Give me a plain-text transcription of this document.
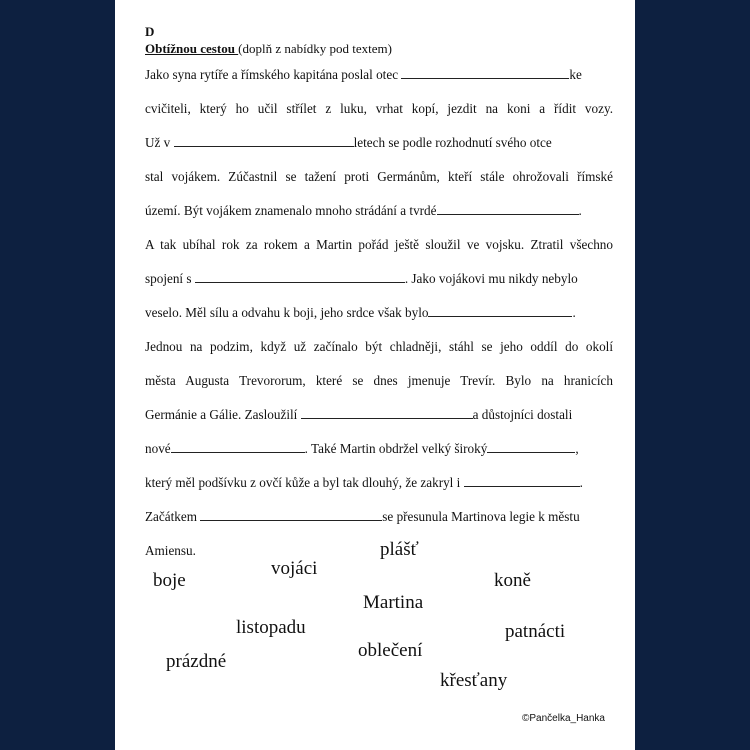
D
Obtížnou cestou (doplň z nabídky pod textem)
Jako syna rytíře a římského kapitána poslal otec	ke
cvičiteli, který ho učil střílet z luku, vrhat kopí, jezdit na koni a řídit vozy.
Už v	letech se podle rozhodnutí svého otce
stal vojákem. Zúčastnil se tažení proti Germánům, kteří stále ohrožovali římské
území. Být vojákem znamenalo mnoho strádání a tvrdé	.
A tak ubíhal rok za rokem a Martin pořád ještě sloužil ve vojsku. Ztratil všechno
spojení s	. Jako vojákovi mu nikdy nebylo
veselo. Měl sílu a odvahu k boji, jeho srdce však bylo	.
Jednou na podzim, když už začínalo být chladněji, stáhl se jeho oddíl do okolí
města Augusta Trevororum, které se dnes jmenuje Trevír. Bylo na hranicích
Germánie a Gálie. Zasloužilí	a důstojníci dostali
nové	. Také Martin obdržel velký široký	,
který měl podšívku z ovčí kůže a byl tak dlouhý, že zakryl i	.
Začátkem	se přesunula Martinova legie k městu
Amiensu.	plášť
vojáci
boje	koně
Martina
listopadu	patnácti
oblečení
prázdné
křesťany
©Pančelka_Hanka
